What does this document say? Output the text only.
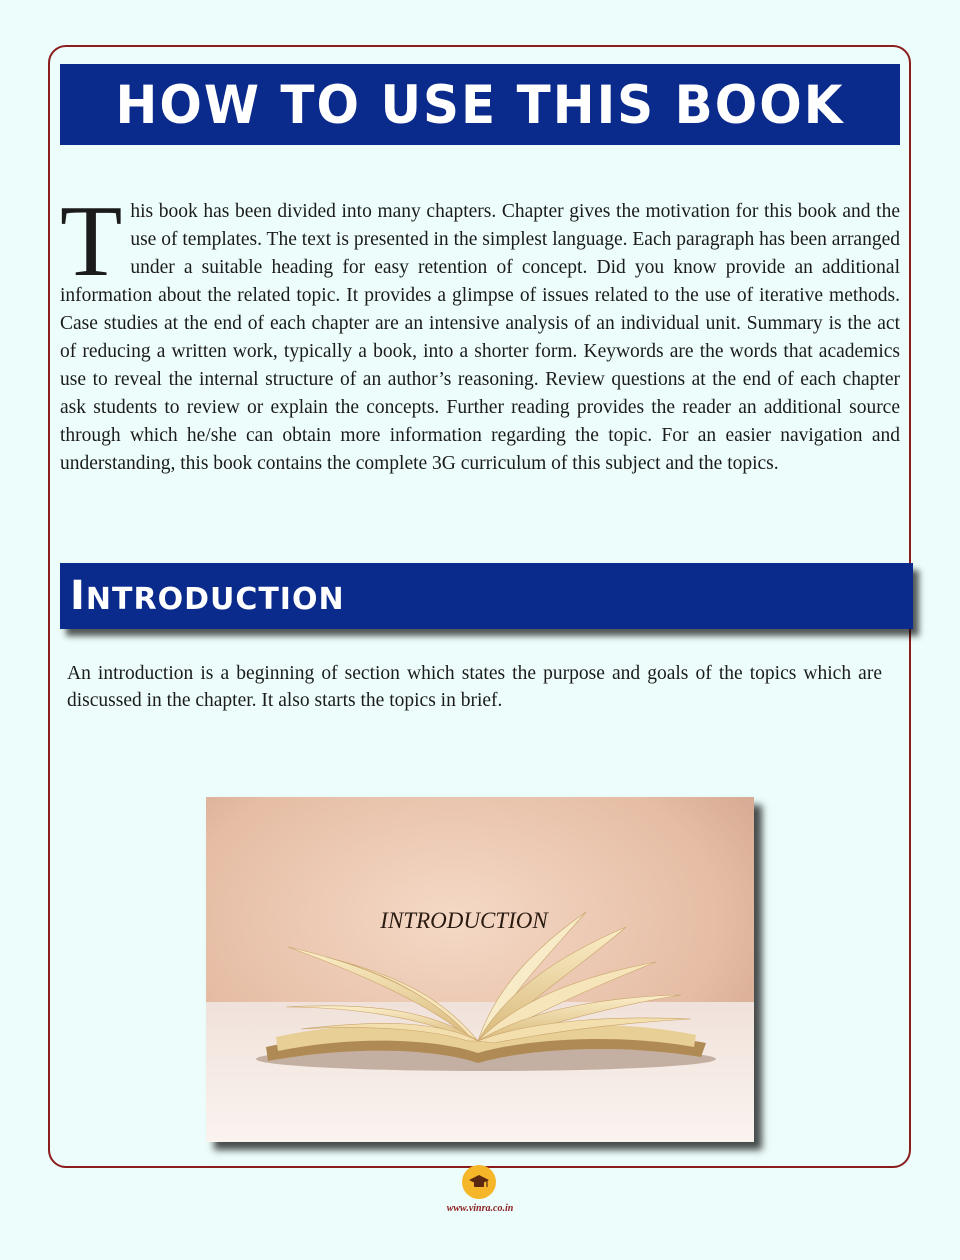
HOW TO USE THIS BOOK

This book has been divided into many chapters. Chapter gives the motivation for this book and the use of templates. The text is presented in the simplest language. Each paragraph has been arranged under a suitable heading for easy retention of concept. Did you know provide an additional information about the related topic. It provides a glimpse of issues related to the use of iterative methods. Case studies at the end of each chapter are an intensive analysis of an individual unit. Summary is the act of reducing a written work, typically a book, into a shorter form. Keywords are the words that academics use to reveal the internal structure of an author’s reasoning. Review questions at the end of each chapter ask students to review or explain the concepts. Further reading provides the reader an additional source through which he/she can obtain more information regarding the topic. For an easier navigation and understanding, this book contains the complete 3G curriculum of this subject and the topics.

INTRODUCTION

An introduction is a beginning of section which states the purpose and goals of the topics which are discussed in the chapter. It also starts the topics in brief.

INTRODUCTION
www.vinra.co.in
